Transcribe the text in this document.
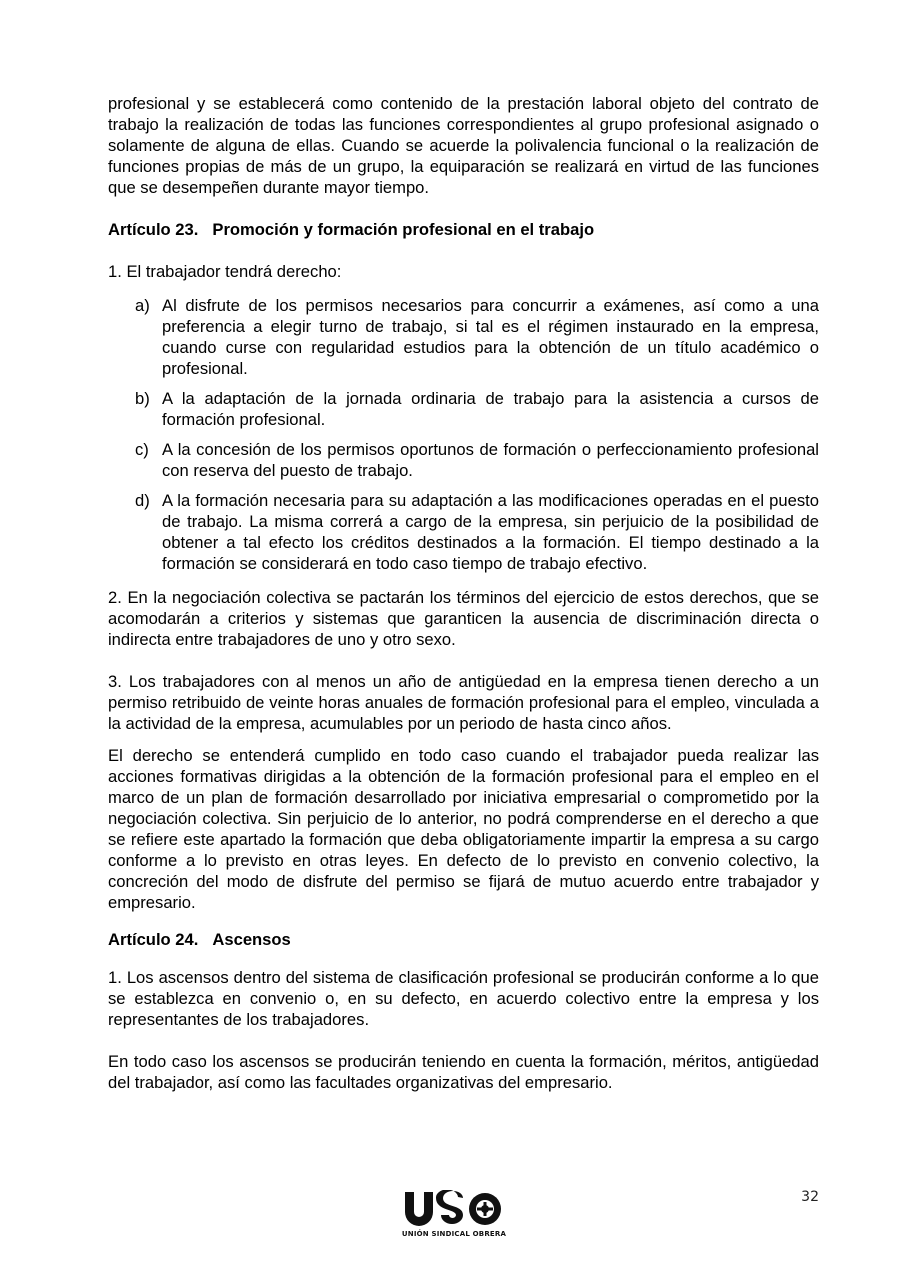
profesional y se establecerá como contenido de la prestación laboral objeto del contrato de trabajo la realización de todas las funciones correspondientes al grupo profesional asignado o solamente de alguna de ellas. Cuando se acuerde la polivalencia funcional o la realización de funciones propias de más de un grupo, la equiparación se realizará en virtud de las funciones que se desempeñen durante mayor tiempo.

Artículo 23. Promoción y formación profesional en el trabajo

1. El trabajador tendrá derecho:

a) Al disfrute de los permisos necesarios para concurrir a exámenes, así como a una preferencia a elegir turno de trabajo, si tal es el régimen instaurado en la empresa, cuando curse con regularidad estudios para la obtención de un título académico o profesional.
b) A la adaptación de la jornada ordinaria de trabajo para la asistencia a cursos de formación profesional.
c) A la concesión de los permisos oportunos de formación o perfeccionamiento profesional con reserva del puesto de trabajo.
d) A la formación necesaria para su adaptación a las modificaciones operadas en el puesto de trabajo. La misma correrá a cargo de la empresa, sin perjuicio de la posibilidad de obtener a tal efecto los créditos destinados a la formación. El tiempo destinado a la formación se considerará en todo caso tiempo de trabajo efectivo.

2. En la negociación colectiva se pactarán los términos del ejercicio de estos derechos, que se acomodarán a criterios y sistemas que garanticen la ausencia de discriminación directa o indirecta entre trabajadores de uno y otro sexo.

3. Los trabajadores con al menos un año de antigüedad en la empresa tienen derecho a un permiso retribuido de veinte horas anuales de formación profesional para el empleo, vinculada a la actividad de la empresa, acumulables por un periodo de hasta cinco años.

El derecho se entenderá cumplido en todo caso cuando el trabajador pueda realizar las acciones formativas dirigidas a la obtención de la formación profesional para el empleo en el marco de un plan de formación desarrollado por iniciativa empresarial o comprometido por la negociación colectiva. Sin perjuicio de lo anterior, no podrá comprenderse en el derecho a que se refiere este apartado la formación que deba obligatoriamente impartir la empresa a su cargo conforme a lo previsto en otras leyes. En defecto de lo previsto en convenio colectivo, la concreción del modo de disfrute del permiso se fijará de mutuo acuerdo entre trabajador y empresario.

Artículo 24. Ascensos

1. Los ascensos dentro del sistema de clasificación profesional se producirán conforme a lo que se establezca en convenio o, en su defecto, en acuerdo colectivo entre la empresa y los representantes de los trabajadores.

En todo caso los ascensos se producirán teniendo en cuenta la formación, méritos, antigüedad del trabajador, así como las facultades organizativas del empresario.

32
UNIÓN SINDICAL OBRERA
